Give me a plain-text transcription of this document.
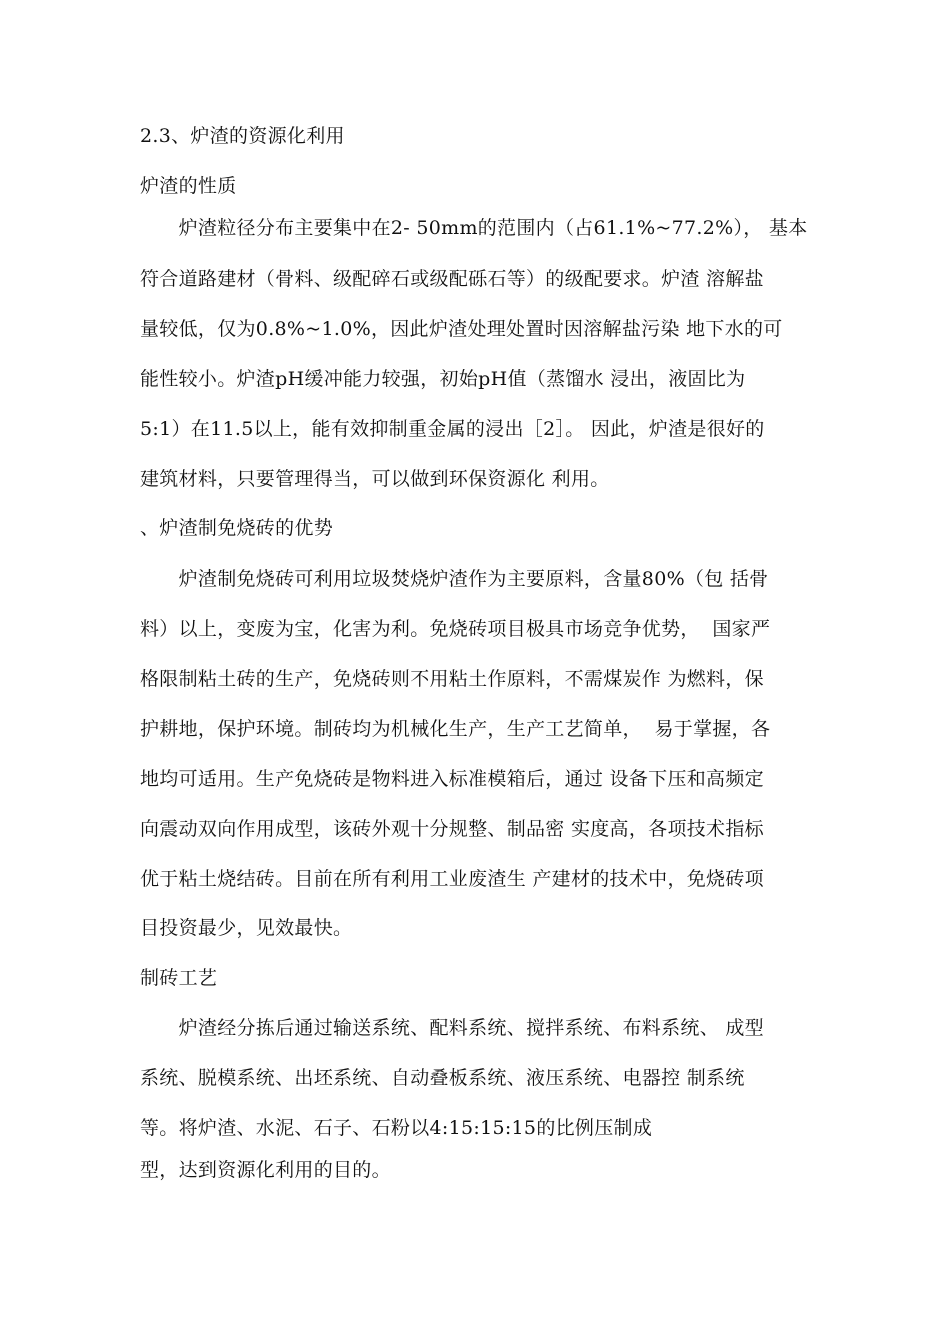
2.3、炉渣的资源化利用
炉渣的性质
　　炉渣粒径分布主要集中在2- 50mm的范围内（占61.1%~77.2%）， 基本
符合道路建材（骨料、级配碎石或级配砾石等）的级配要求。炉渣 溶解盐
量较低，仅为0.8%~1.0%，因此炉渣处理处置时因溶解盐污染 地下水的可
能性较小。炉渣pH缓冲能力较强，初始pH值（蒸馏水 浸出，液固比为
5:1）在11.5以上，能有效抑制重金属的浸出［2］。 因此，炉渣是很好的
建筑材料，只要管理得当，可以做到环保资源化 利用。
、炉渣制免烧砖的优势
　　炉渣制免烧砖可利用垃圾焚烧炉渣作为主要原料，含量80%（包 括骨
料）以上，变废为宝，化害为利。免烧砖项目极具市场竞争优势，  国家严
格限制粘土砖的生产，免烧砖则不用粘土作原料，不需煤炭作 为燃料，保
护耕地，保护环境。制砖均为机械化生产，生产工艺简单，  易于掌握，各
地均可适用。生产免烧砖是物料进入标准模箱后，通过 设备下压和高频定
向震动双向作用成型，该砖外观十分规整、制品密 实度高，各项技术指标
优于粘土烧结砖。目前在所有利用工业废渣生 产建材的技术中，免烧砖项
目投资最少，见效最快。
制砖工艺
　　炉渣经分拣后通过输送系统、配料系统、搅拌系统、布料系统、 成型
系统、脱模系统、出坯系统、自动叠板系统、液压系统、电器控 制系统
等。将炉渣、水泥、石子、石粉以4:15:15:15的比例压制成
型，达到资源化利用的目的。
